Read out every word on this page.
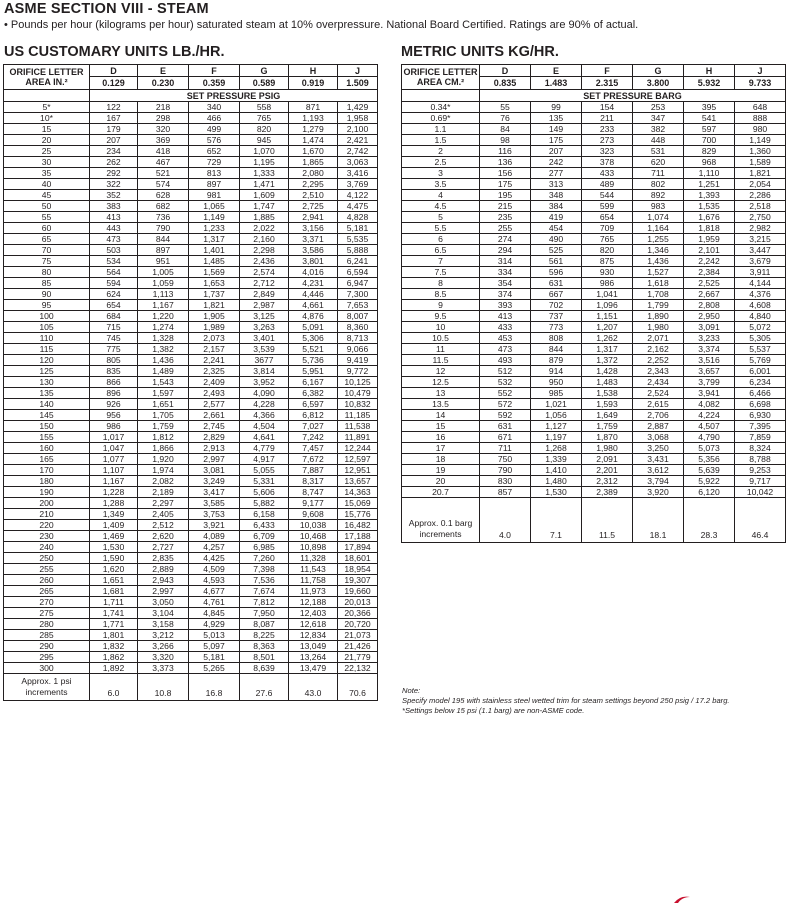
ASME SECTION VIII - STEAM
• Pounds per hour (kilograms per hour) saturated steam at 10% overpressure. National Board Certified. Ratings are 90% of actual.
US CUSTOMARY UNITS LB./HR.	METRIC UNITS KG/HR.
ORIFICE LETTER
AREA IN.²	D	E	F	G	H	J
	0.129	0.230	0.359	0.589	0.919	1.509
	SET PRESSURE PSIG					
5*	122	218	340	558	871	1,429
10*	167	298	466	765	1,193	1,958
15	179	320	499	820	1,279	2,100
20	207	369	576	945	1,474	2,421
25	234	418	652	1,070	1,670	2,742
30	262	467	729	1,195	1,865	3,063
35	292	521	813	1,333	2,080	3,416
40	322	574	897	1,471	2,295	3,769
45	352	628	981	1,609	2,510	4,122
50	383	682	1,065	1,747	2,725	4,475
55	413	736	1,149	1,885	2,941	4,828
60	443	790	1,233	2,022	3,156	5,181
65	473	844	1,317	2,160	3,371	5,535
70	503	897	1,401	2,298	3,586	5,888
75	534	951	1,485	2,436	3,801	6,241
80	564	1,005	1,569	2,574	4,016	6,594
85	594	1,059	1,653	2,712	4,231	6,947
90	624	1,113	1,737	2,849	4,446	7,300
95	654	1,167	1,821	2,987	4,661	7,653
100	684	1,220	1,905	3,125	4,876	8,007
105	715	1,274	1,989	3,263	5,091	8,360
110	745	1,328	2,073	3,401	5,306	8,713
115	775	1,382	2,157	3,539	5,521	9,066
120	805	1,436	2,241	3677	5,736	9,419
125	835	1,489	2,325	3,814	5,951	9,772
130	866	1,543	2,409	3,952	6,167	10,125
135	896	1,597	2,493	4,090	6,382	10,479
140	926	1,651	2,577	4,228	6,597	10,832
145	956	1,705	2,661	4,366	6,812	11,185
150	986	1,759	2,745	4,504	7,027	11,538
155	1,017	1,812	2,829	4,641	7,242	11,891
160	1,047	1,866	2,913	4,779	7,457	12,244
165	1,077	1,920	2,997	4,917	7,672	12,597
170	1,107	1,974	3,081	5,055	7,887	12,951
180	1,167	2,082	3,249	5,331	8,317	13,657
190	1,228	2,189	3,417	5,606	8,747	14,363
200	1,288	2,297	3,585	5,882	9,177	15,069
210	1,349	2,405	3,753	6,158	9,608	15,776
220	1,409	2,512	3,921	6,433	10,038	16,482
230	1,469	2,620	4,089	6,709	10,468	17,188
240	1,530	2,727	4,257	6,985	10,898	17,894
250	1,590	2,835	4,425	7,260	11,328	18,601
255	1,620	2,889	4,509	7,398	11,543	18,954
260	1,651	2,943	4,593	7,536	11,758	19,307
265	1,681	2,997	4,677	7,674	11,973	19,660
270	1,711	3,050	4,761	7,812	12,188	20,013
275	1,741	3,104	4,845	7,950	12,403	20,366
280	1,771	3,158	4,929	8,087	12,618	20,720
285	1,801	3,212	5,013	8,225	12,834	21,073
290	1,832	3,266	5,097	8,363	13,049	21,426
295	1,862	3,320	5,181	8,501	13,264	21,779
300	1,892	3,373	5,265	8,639	13,479	22,132
Approx. 1 psi increments	6.0	10.8	16.8	27.6	43.0	70.6
ORIFICE LETTER
AREA CM.²	D	E	F	G	H	J
	0.835	1.483	2.315	3.800	5.932	9.733
	SET PRESSURE BARG					
0.34*	55	99	154	253	395	648
0.69*	76	135	211	347	541	888
1.1	84	149	233	382	597	980
1.5	98	175	273	448	700	1,149
2	116	207	323	531	829	1,360
2.5	136	242	378	620	968	1,589
3	156	277	433	711	1,110	1,821
3.5	175	313	489	802	1,251	2,054
4	195	348	544	892	1,393	2,286
4.5	215	384	599	983	1,535	2,518
5	235	419	654	1,074	1,676	2,750
5.5	255	454	709	1,164	1,818	2,982
6	274	490	765	1,255	1,959	3,215
6.5	294	525	820	1,346	2,101	3,447
7	314	561	875	1,436	2,242	3,679
7.5	334	596	930	1,527	2,384	3,911
8	354	631	986	1,618	2,525	4,144
8.5	374	667	1,041	1,708	2,667	4,376
9	393	702	1,096	1,799	2,808	4,608
9.5	413	737	1,151	1,890	2,950	4,840
10	433	773	1,207	1,980	3,091	5,072
10.5	453	808	1,262	2,071	3,233	5,305
11	473	844	1,317	2,162	3,374	5,537
11.5	493	879	1,372	2,252	3,516	5,769
12	512	914	1,428	2,343	3,657	6,001
12.5	532	950	1,483	2,434	3,799	6,234
13	552	985	1,538	2,524	3,941	6,466
13.5	572	1,021	1,593	2,615	4,082	6,698
14	592	1,056	1,649	2,706	4,224	6,930
15	631	1,127	1,759	2,887	4,507	7,395
16	671	1,197	1,870	3,068	4,790	7,859
17	711	1,268	1,980	3,250	5,073	8,324
18	750	1,339	2,091	3,431	5,356	8,788
19	790	1,410	2,201	3,612	5,639	9,253
20	830	1,480	2,312	3,794	5,922	9,717
20.7	857	1,530	2,389	3,920	6,120	10,042
Approx. 0.1 barg increments	4.0	7.1	11.5	18.1	28.3	46.4
Note:
Specify model 195 with stainless steel wetted trim for steam settings beyond 250 psig / 17.2 barg.
*Settings below 15 psi (1.1 barg) are non-ASME code.
